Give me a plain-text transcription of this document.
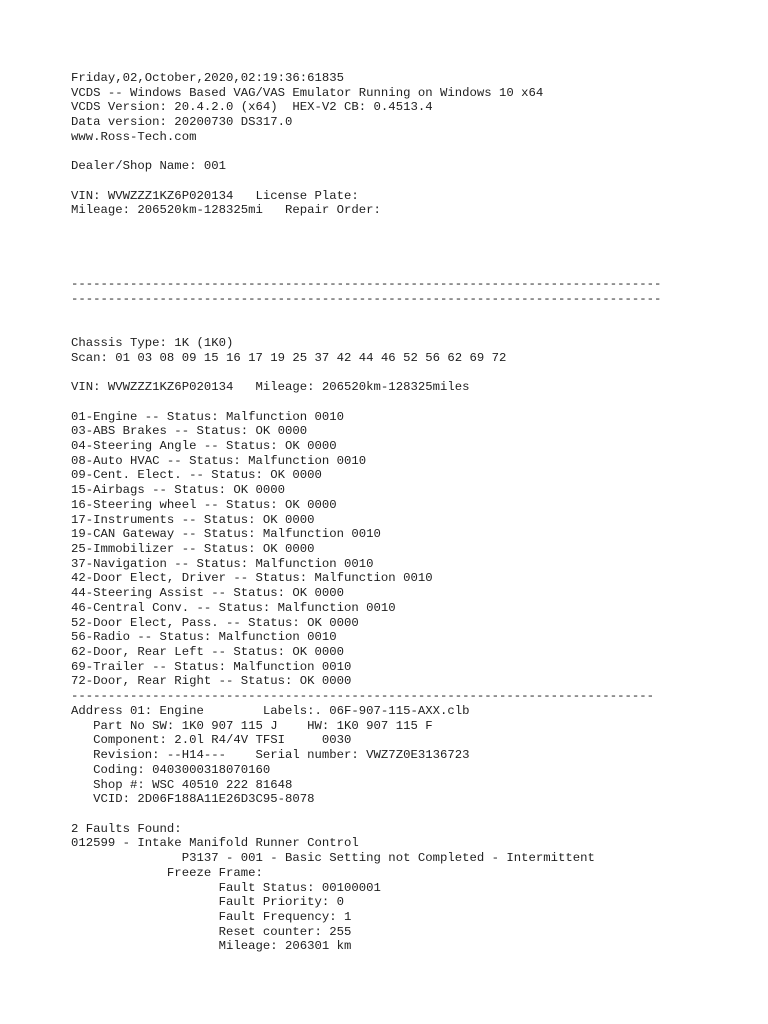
Friday,02,October,2020,02:19:36:61835
VCDS -- Windows Based VAG/VAS Emulator Running on Windows 10 x64
VCDS Version: 20.4.2.0 (x64)  HEX-V2 CB: 0.4513.4
Data version: 20200730 DS317.0
www.Ross-Tech.com
Dealer/Shop Name: 001
VIN: WVWZZZ1KZ6P020134   License Plate:
Mileage: 206520km-128325mi   Repair Order:
--------------------------------------------------------------------------------
--------------------------------------------------------------------------------
Chassis Type: 1K (1K0)
Scan: 01 03 08 09 15 16 17 19 25 37 42 44 46 52 56 62 69 72
VIN: WVWZZZ1KZ6P020134   Mileage: 206520km-128325miles
01-Engine -- Status: Malfunction 0010
03-ABS Brakes -- Status: OK 0000
04-Steering Angle -- Status: OK 0000
08-Auto HVAC -- Status: Malfunction 0010
09-Cent. Elect. -- Status: OK 0000
15-Airbags -- Status: OK 0000
16-Steering wheel -- Status: OK 0000
17-Instruments -- Status: OK 0000
19-CAN Gateway -- Status: Malfunction 0010
25-Immobilizer -- Status: OK 0000
37-Navigation -- Status: Malfunction 0010
42-Door Elect, Driver -- Status: Malfunction 0010
44-Steering Assist -- Status: OK 0000
46-Central Conv. -- Status: Malfunction 0010
52-Door Elect, Pass. -- Status: OK 0000
56-Radio -- Status: Malfunction 0010
62-Door, Rear Left -- Status: OK 0000
69-Trailer -- Status: Malfunction 0010
72-Door, Rear Right -- Status: OK 0000
-------------------------------------------------------------------------------
Address 01: Engine        Labels:. 06F-907-115-AXX.clb
Part No SW: 1K0 907 115 J    HW: 1K0 907 115 F
Component: 2.0l R4/4V TFSI     0030
Revision: --H14---    Serial number: VWZ7Z0E3136723
Coding: 0403000318070160
Shop #: WSC 40510 222 81648
VCID: 2D06F188A11E26D3C95-8078
2 Faults Found:
012599 - Intake Manifold Runner Control
P3137 - 001 - Basic Setting not Completed - Intermittent
Freeze Frame:
Fault Status: 00100001
Fault Priority: 0
Fault Frequency: 1
Reset counter: 255
Mileage: 206301 km
